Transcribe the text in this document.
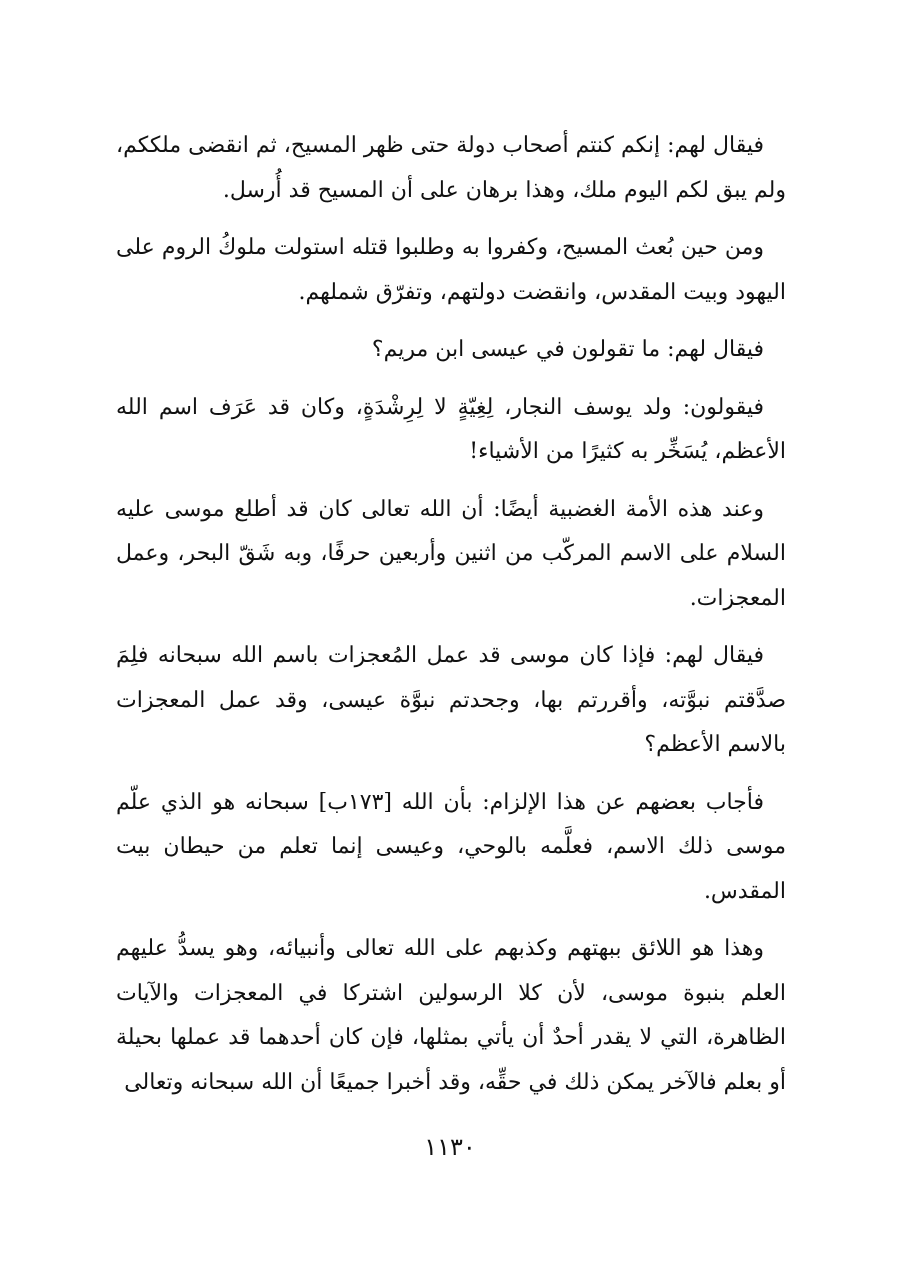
فيقال لهم: إنكم كنتم أصحاب دولة حتى ظهر المسيح، ثم انقضى ملككم، ولم يبق لكم اليوم ملك، وهذا برهان على أن المسيح قد أُرسل.

ومن حين بُعث المسيح، وكفروا به وطلبوا قتله استولت ملوكُ الروم على اليهود وبيت المقدس، وانقضت دولتهم، وتفرّق شملهم.

فيقال لهم: ما تقولون في عيسى ابن مريم؟

فيقولون: ولد يوسف النجار، لِغِيّةٍ لا لِرِشْدَةٍ، وكان قد عَرَف اسم الله الأعظم، يُسَخِّر به كثيرًا من الأشياء!

وعند هذه الأمة الغضبية أيضًا: أن الله تعالى كان قد أطلع موسى عليه السلام على الاسم المركّب من اثنين وأربعين حرفًا، وبه شَقّ البحر، وعمل المعجزات.

فيقال لهم: فإذا كان موسى قد عمل المُعجزات باسم الله سبحانه فلِمَ صدَّقتم نبوَّته، وأقررتم بها، وجحدتم نبوَّة عيسى، وقد عمل المعجزات بالاسم الأعظم؟

فأجاب بعضهم عن هذا الإلزام: بأن الله [١٧٣ب] سبحانه هو الذي علّم موسى ذلك الاسم، فعلَّمه بالوحي، وعيسى إنما تعلم من حيطان بيت المقدس.

وهذا هو اللائق ببهتهم وكذبهم على الله تعالى وأنبيائه، وهو يسدُّ عليهم العلم بنبوة موسى، لأن كلا الرسولين اشتركا في المعجزات والآيات الظاهرة، التي لا يقدر أحدٌ أن يأتي بمثلها، فإن كان أحدهما قد عملها بحيلة أو بعلم فالآخر يمكن ذلك في حقِّه، وقد أخبرا جميعًا أن الله سبحانه وتعالى

١١٣٠
